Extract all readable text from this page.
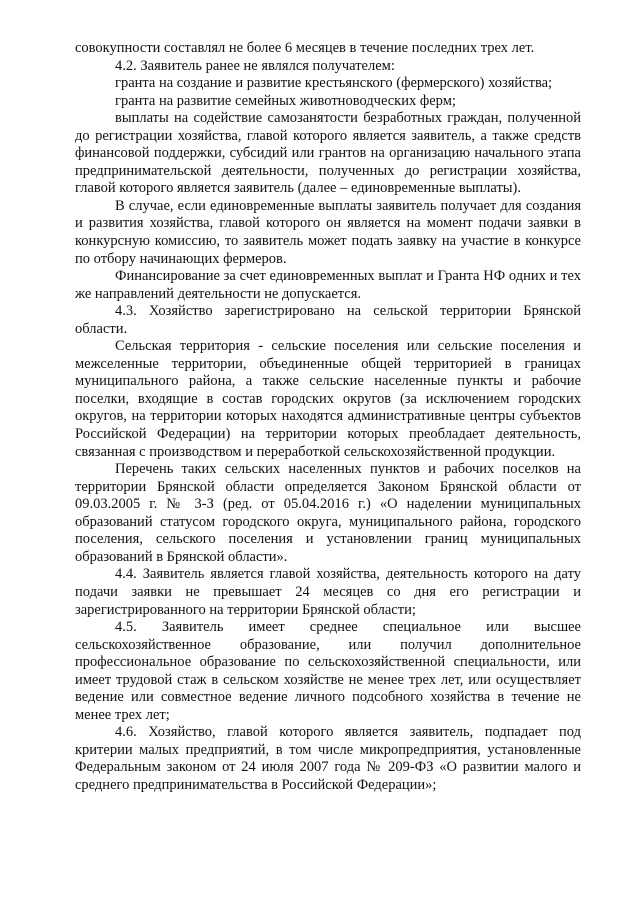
совокупности составлял не более 6 месяцев в течение последних трех лет.

4.2. Заявитель ранее не являлся получателем:

гранта на создание и развитие крестьянского (фермерского) хозяйства;

гранта на развитие семейных животноводческих ферм;

выплаты на содействие самозанятости безработных граждан, полученной до регистрации хозяйства, главой которого является заявитель, а также средств финансовой поддержки, субсидий или грантов на организацию начального этапа предпринимательской деятельности, полученных до регистрации хозяйства, главой которого является заявитель (далее – единовременные выплаты).

В случае, если единовременные выплаты заявитель получает для создания и развития хозяйства, главой которого он является на момент подачи заявки в конкурсную комиссию, то заявитель может подать заявку на участие в конкурсе по отбору начинающих фермеров.

Финансирование за счет единовременных выплат и Гранта НФ одних и тех же направлений деятельности не допускается.

4.3. Хозяйство зарегистрировано на сельской территории Брянской области.

Сельская территория - сельские поселения или сельские поселения и межселенные территории, объединенные общей территорией в границах муниципального района, а также сельские населенные пункты и рабочие поселки, входящие в состав городских округов (за исключением городских округов, на территории которых находятся административные центры субъектов Российской Федерации) на территории которых преобладает деятельность, связанная с производством и переработкой сельскохозяйственной продукции.

Перечень таких сельских населенных пунктов и рабочих поселков на территории Брянской области определяется Законом Брянской области от 09.03.2005 г. № 3-З (ред. от 05.04.2016 г.) «О наделении муниципальных образований статусом городского округа, муниципального района, городского поселения, сельского поселения и установлении границ муниципальных образований в Брянской области».

4.4. Заявитель является главой хозяйства, деятельность которого на дату подачи заявки не превышает 24 месяцев со дня его регистрации и зарегистрированного на территории Брянской области;

4.5. Заявитель имеет среднее специальное или высшее сельскохозяйственное образование, или получил дополнительное профессиональное образование по сельскохозяйственной специальности, или имеет трудовой стаж в сельском хозяйстве не менее трех лет, или осуществляет ведение или совместное ведение личного подсобного хозяйства в течение не менее трех лет;

4.6. Хозяйство, главой которого является заявитель, подпадает под критерии малых предприятий, в том числе микропредприятия, установленные Федеральным законом от 24 июля 2007 года № 209-ФЗ «О развитии малого и среднего предпринимательства в Российской Федерации»;
